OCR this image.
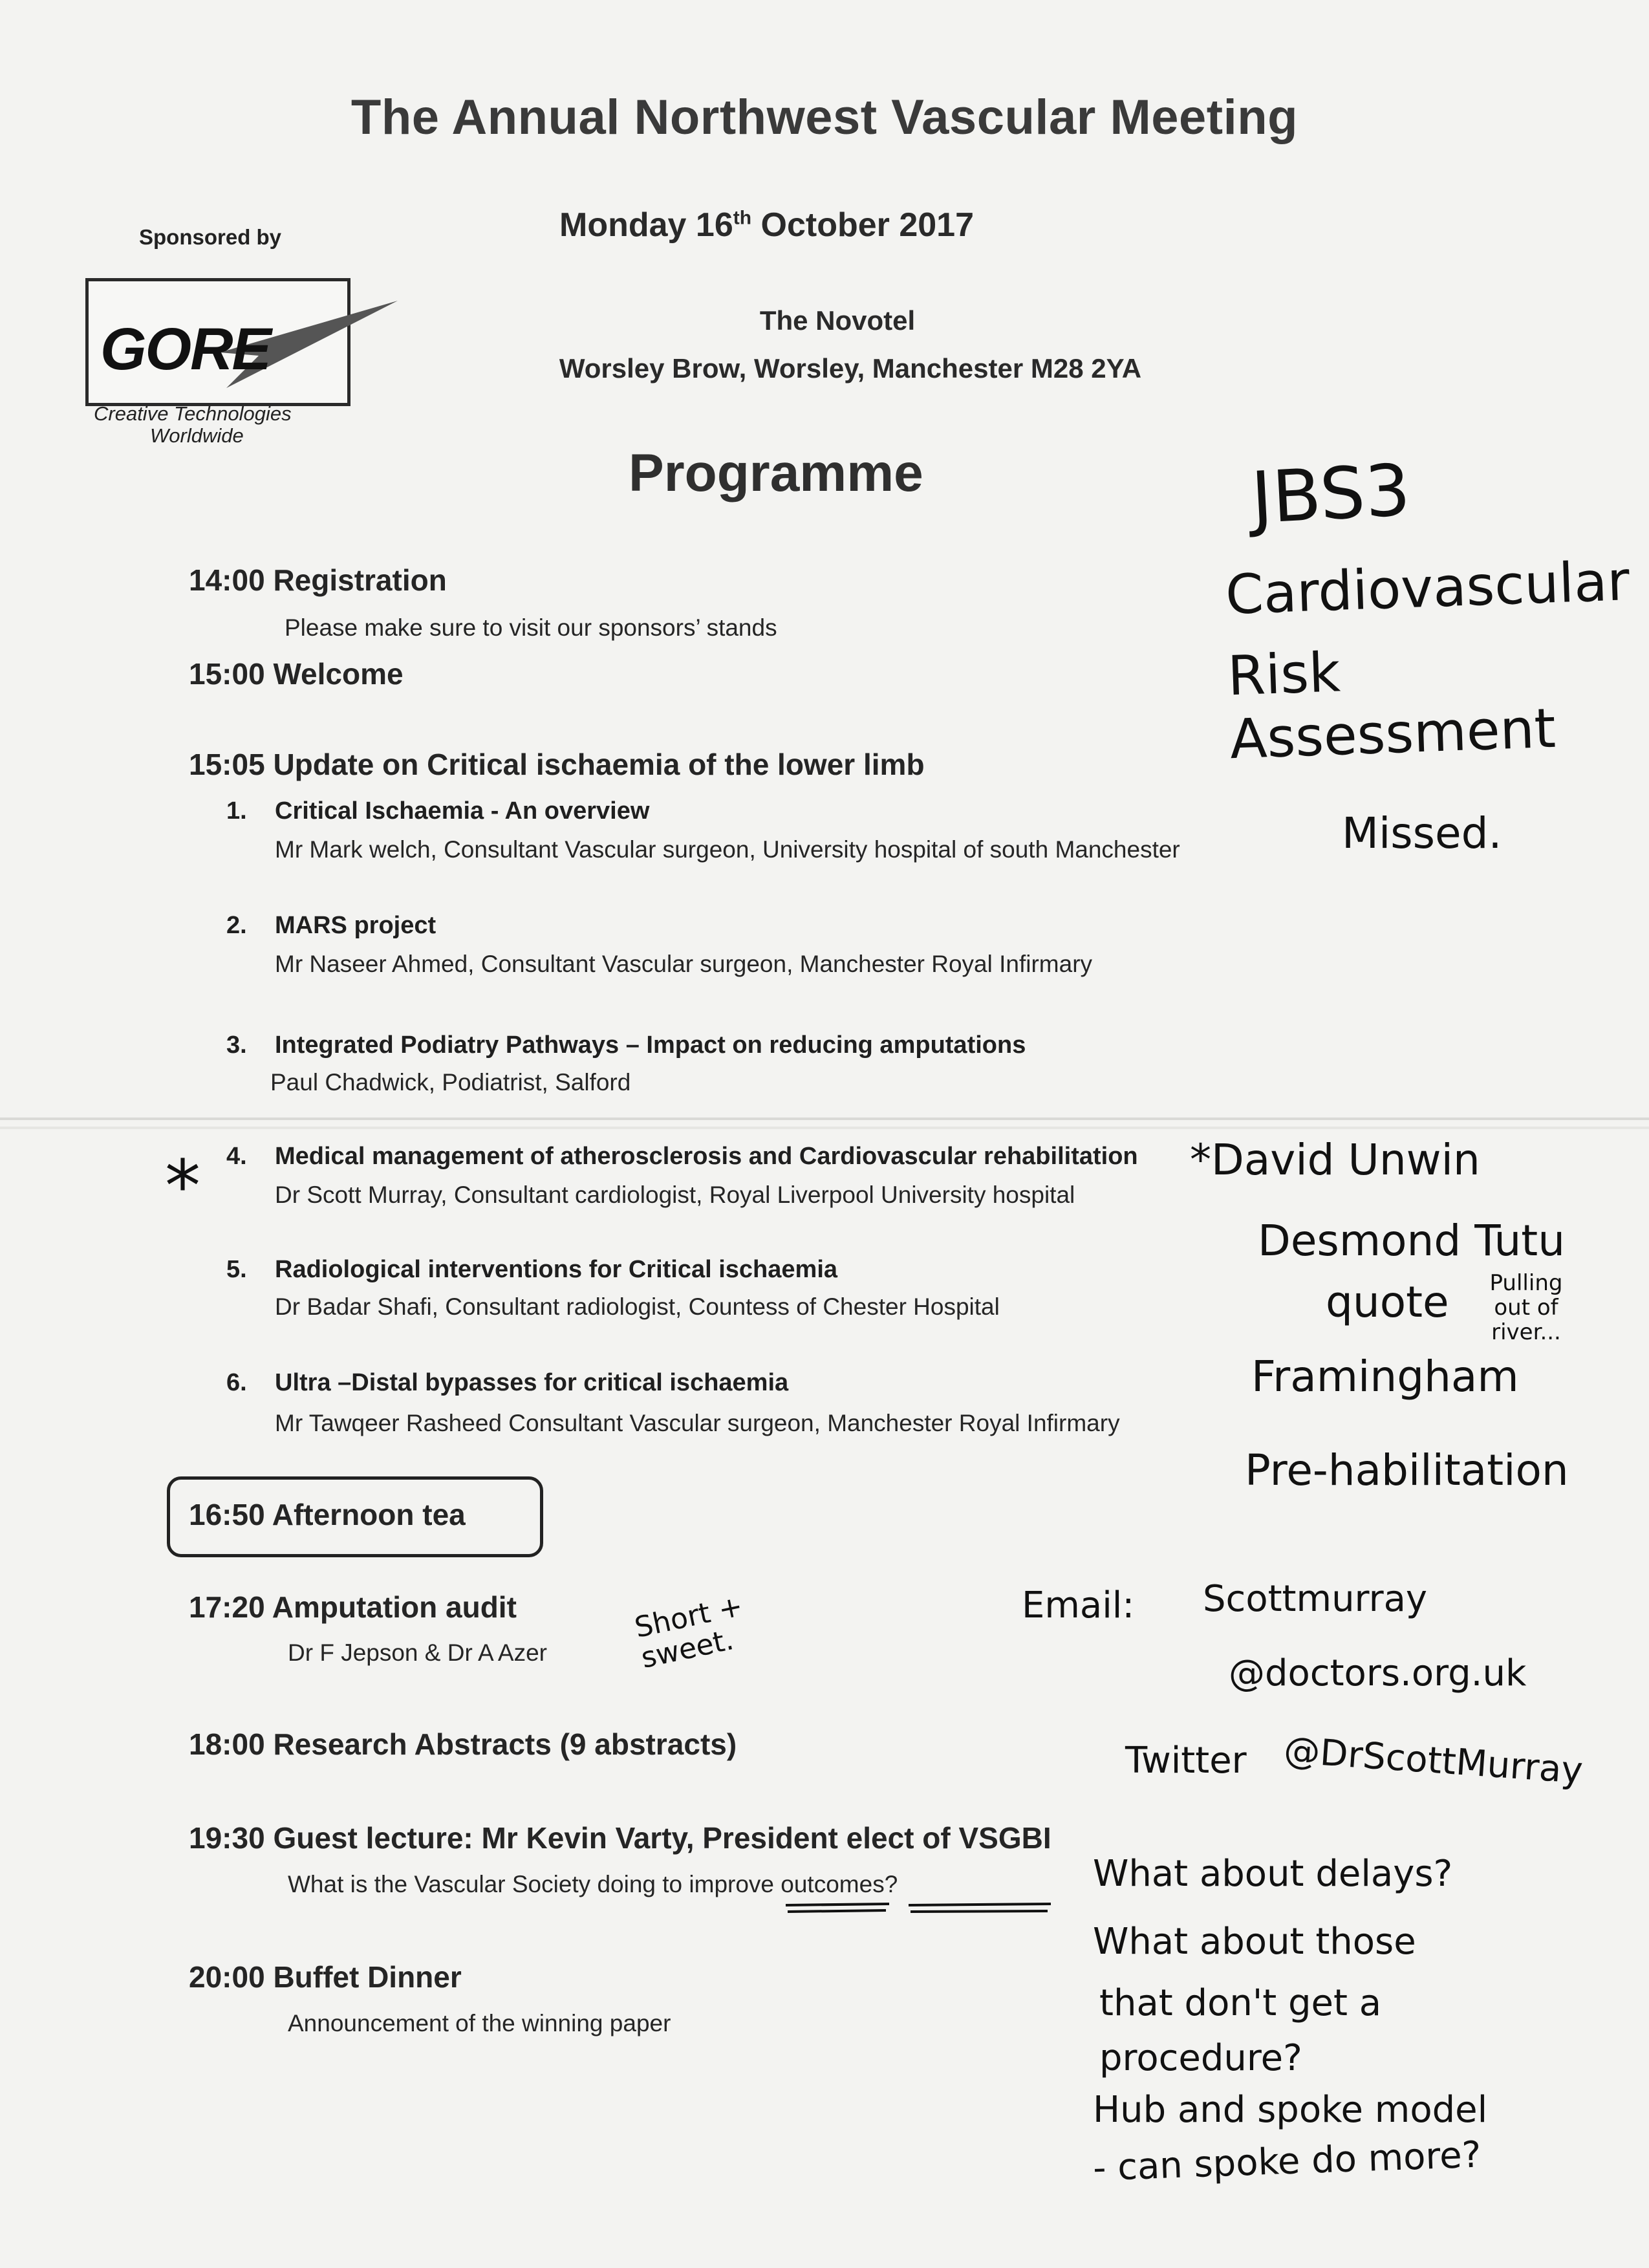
The Annual Northwest Vascular Meeting
Sponsored by	Monday 16th October 2017
GORE
Creative Technologies
Worldwide
The Novotel
Worsley Brow, Worsley, Manchester M28 2YA
Programme
14:00 Registration
Please make sure to visit our sponsors’ stands
15:00 Welcome
15:05 Update on Critical ischaemia of the lower limb
1. Critical Ischaemia - An overview
Mr Mark welch, Consultant Vascular surgeon, University hospital of south Manchester
2. MARS project
Mr Naseer Ahmed, Consultant Vascular surgeon, Manchester Royal Infirmary
3. Integrated Podiatry Pathways – Impact on reducing amputations
Paul Chadwick, Podiatrist, Salford
4. Medical management of atherosclerosis and Cardiovascular rehabilitation
Dr Scott Murray, Consultant cardiologist, Royal Liverpool University hospital
5. Radiological interventions for Critical ischaemia
Dr Badar Shafi, Consultant radiologist, Countess of Chester Hospital
6. Ultra –Distal bypasses for critical ischaemia
Mr Tawqeer Rasheed Consultant Vascular surgeon, Manchester Royal Infirmary
16:50 Afternoon tea
17:20 Amputation audit
Dr F Jepson & Dr A Azer
18:00 Research Abstracts (9 abstracts)
19:30 Guest lecture: Mr Kevin Varty, President elect of VSGBI
What is the Vascular Society doing to improve outcomes?
20:00 Buffet Dinner
Announcement of the winning paper
JBS3
Cardiovascular
Risk Assessment
Missed.
*	*David Unwin
Desmond Tutu
quote	Pulling out of river...
Framingham
Pre-habilitation
Short + sweet.
Email: Scottmurray
@doctors.org.uk
Twitter @DrScottMurray
What about delays?
What about those
that don't get a
procedure?
Hub and spoke model
- can spoke do more?
